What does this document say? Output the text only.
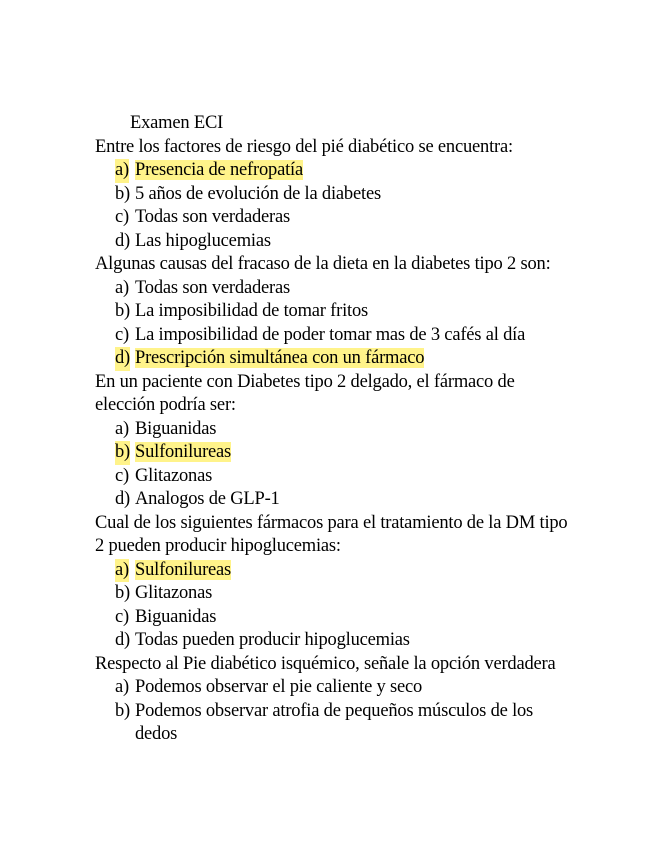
Examen ECI
Entre los factores de riesgo del pié diabético se encuentra:
a) Presencia de nefropatía
b) 5 años de evolución de la diabetes
c) Todas son verdaderas
d) Las hipoglucemias
Algunas causas del fracaso de la dieta en la diabetes tipo 2 son:
a) Todas son verdaderas
b) La imposibilidad de tomar fritos
c) La imposibilidad de poder tomar mas de 3 cafés al día
d) Prescripción simultánea con un fármaco
En un paciente con Diabetes tipo 2 delgado, el fármaco de elección podría ser:
a) Biguanidas
b) Sulfonilureas
c) Glitazonas
d) Analogos de GLP-1
Cual de los siguientes fármacos para el tratamiento de la DM tipo 2 pueden producir hipoglucemias:
a) Sulfonilureas
b) Glitazonas
c) Biguanidas
d) Todas pueden producir hipoglucemias
Respecto al Pie diabético isquémico, señale la opción verdadera
a) Podemos observar el pie caliente y seco
b) Podemos observar atrofia de pequeños músculos de los dedos
